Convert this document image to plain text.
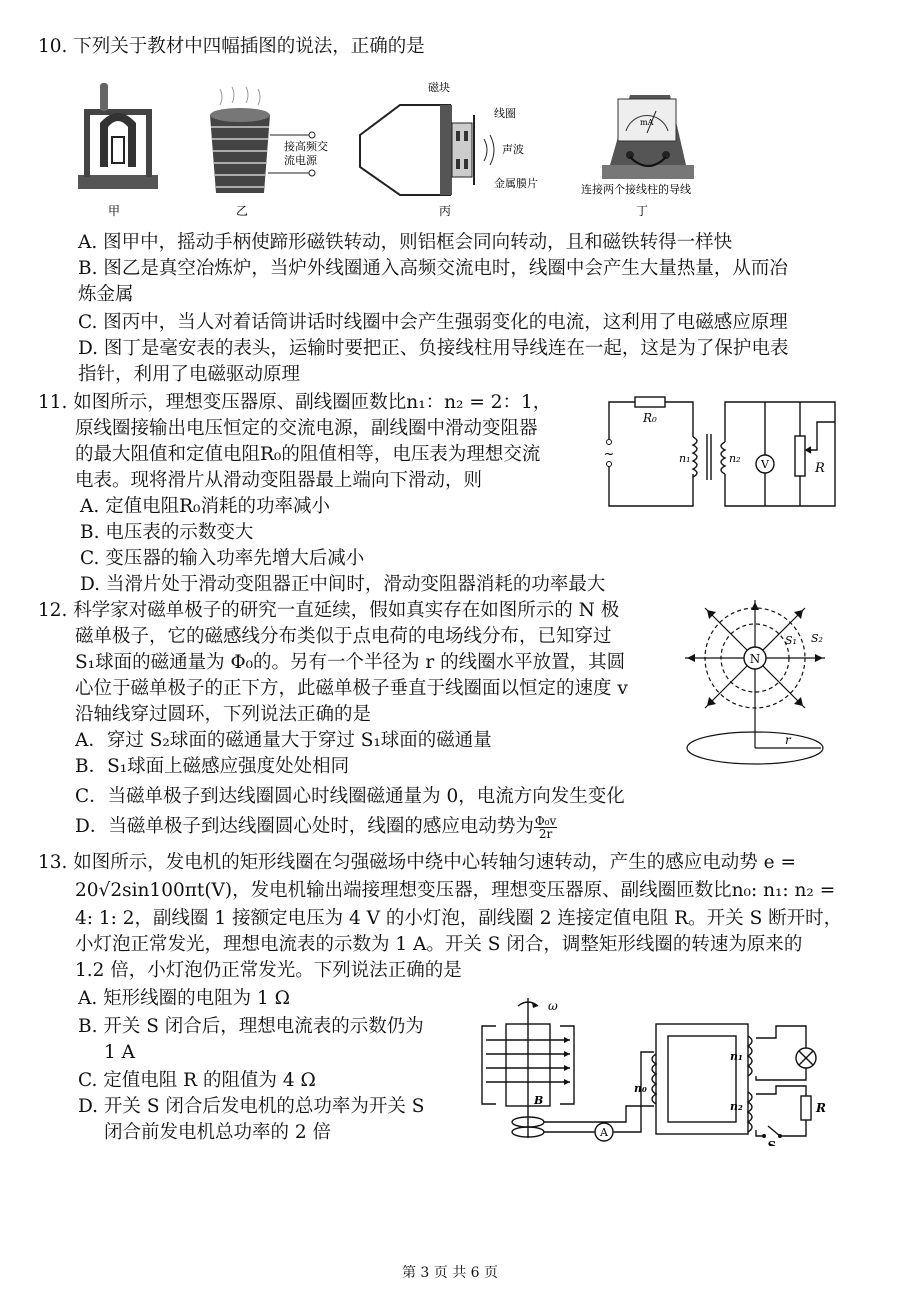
10. 下列关于教材中四幅插图的说法，正确的是
甲
接高频交
流电源
乙
磁块
线圈
声波
金属膜片
丙
mA
连接两个接线柱的导线
丁
A. 图甲中，摇动手柄使蹄形磁铁转动，则铝框会同向转动，且和磁铁转得一样快
B. 图乙是真空冶炼炉，当炉外线圈通入高频交流电时，线圈中会产生大量热量，从而冶
炼金属
C. 图丙中，当人对着话筒讲话时线圈中会产生强弱变化的电流，这利用了电磁感应原理
D. 图丁是毫安表的表头，运输时要把正、负接线柱用导线连在一起，这是为了保护电表
指针，利用了电磁驱动原理
11. 如图所示，理想变压器原、副线圈匝数比n₁：n₂ = 2：1，
原线圈接输出电压恒定的交流电源，副线圈中滑动变阻器
的最大阻值和定值电阻R₀的阻值相等，电压表为理想交流
电表。现将滑片从滑动变阻器最上端向下滑动，则
A. 定值电阻R₀消耗的功率减小
B. 电压表的示数变大
C. 变压器的输入功率先增大后减小
D. 当滑片处于滑动变阻器正中间时，滑动变阻器消耗的功率最大
~
R₀
n₁	n₂ V	R
12. 科学家对磁单极子的研究一直延续，假如真实存在如图所示的 N 极
磁单极子，它的磁感线分布类似于点电荷的电场线分布，已知穿过
S₁球面的磁通量为 Φ₀的。另有一个半径为 r 的线圈水平放置，其圆
心位于磁单极子的正下方，此磁单极子垂直于线圈面以恒定的速度 v
沿轴线穿过圆环，下列说法正确的是
A．穿过 S₂球面的磁通量大于穿过 S₁球面的磁通量
B．S₁球面上磁感应强度处处相同
C．当磁单极子到达线圈圆心时线圈磁通量为 0，电流方向发生变化
D．当磁单极子到达线圈圆心处时，线圈的感应电动势为 $\frac{\text{Φ₀v}}{2r}$
N
S₁ S₂
r
13. 如图所示，发电机的矩形线圈在匀强磁场中绕中心转轴匀速转动，产生的感应电动势 e =
20√2sin100πt(V)，发电机输出端接理想变压器，理想变压器原、副线圈匝数比n₀: n₁: n₂ =
4: 1: 2，副线圈 1 接额定电压为 4 V 的小灯泡，副线圈 2 连接定值电阻 R。开关 S 断开时，
小灯泡正常发光，理想电流表的示数为 1 A。开关 S 闭合，调整矩形线圈的转速为原来的
1.2 倍，小灯泡仍正常发光。下列说法正确的是
A. 矩形线圈的电阻为 1 Ω
B. 开关 S 闭合后，理想电流表的示数仍为
1 A
C. 定值电阻 R 的阻值为 4 Ω
D. 开关 S 闭合后发电机的总功率为开关 S
闭合前发电机总功率的 2 倍
ω
B
A
n₀
n₁
n₂	R
S
第 3 页 共 6 页
